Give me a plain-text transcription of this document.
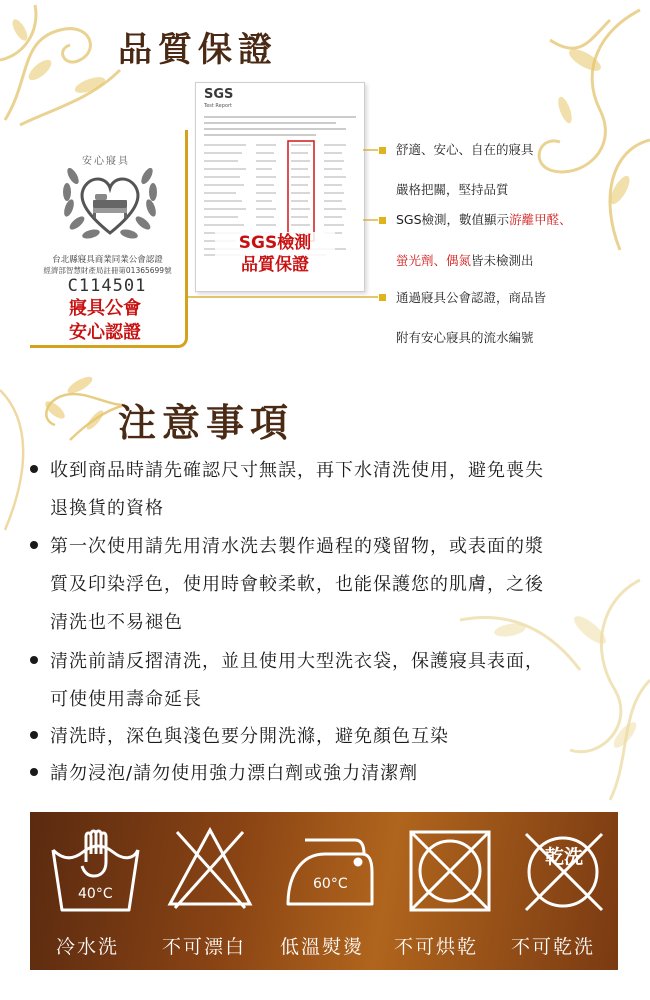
品質保證
安心寢具
台北縣寢具商業同業公會認證
經濟部智慧財產局註冊第01365699號
C114501
寢具公會
安心認證
SGS
Test Report
SGS檢測
品質保證
舒適、安心、自在的寢具
嚴格把關，堅持品質
SGS檢測，數值顯示游離甲醛、
螢光劑、偶氮皆未檢測出
通過寢具公會認證，商品皆
附有安心寢具的流水編號
注意事項
收到商品時請先確認尺寸無誤，再下水清洗使用，避免喪失
退換貨的資格
第一次使用請先用清水洗去製作過程的殘留物，或表面的漿
質及印染浮色，使用時會較柔軟，也能保護您的肌膚，之後
清洗也不易褪色
清洗前請反摺清洗，並且使用大型洗衣袋，保護寢具表面，
可使使用壽命延長
清洗時，深色與淺色要分開洗滌，避免顏色互染
請勿浸泡/請勿使用強力漂白劑或強力清潔劑
40°C
60°C
乾洗
冷水洗 不可漂白 低溫熨燙 不可烘乾 不可乾洗
